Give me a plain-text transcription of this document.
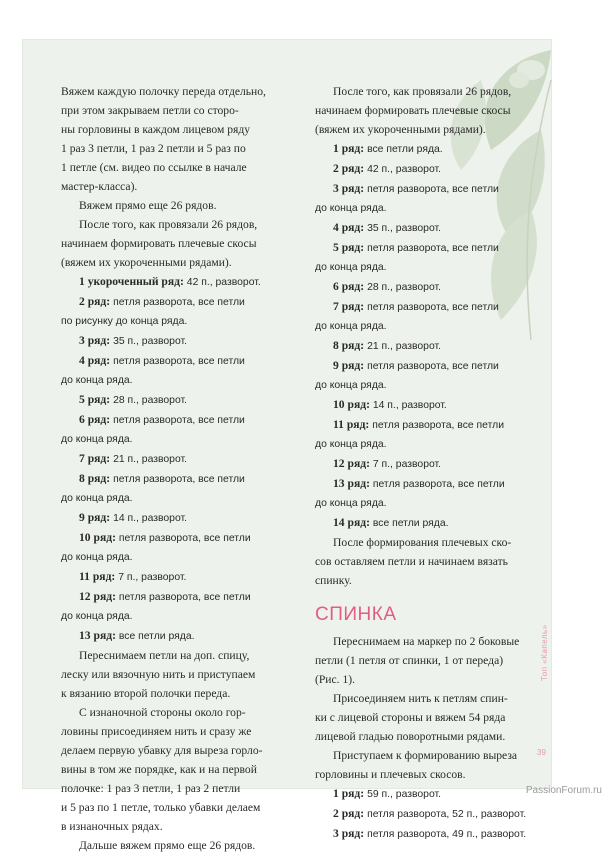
Вяжем каждую полочку переда отдельно,

при этом закрываем петли со сторо-

ны горловины в каждом лицевом ряду

1 раз 3 петли, 1 раз 2 петли и 5 раз по

1 петле (см. видео по ссылке в начале

мастер-класса).

Вяжем прямо еще 26 рядов.

После того, как провязали 26 рядов,

начинаем формировать плечевые скосы

(вяжем их укороченными рядами).

1 укороченный ряд: 42 п., разворот.

2 ряд: петля разворота, все петли

по рисунку до конца ряда.

3 ряд: 35 п., разворот.

4 ряд: петля разворота, все петли

до конца ряда.

5 ряд: 28 п., разворот.

6 ряд: петля разворота, все петли

до конца ряда.

7 ряд: 21 п., разворот.

8 ряд: петля разворота, все петли

до конца ряда.

9 ряд: 14 п., разворот.

10 ряд: петля разворота, все петли

до конца ряда.

11 ряд: 7 п., разворот.

12 ряд: петля разворота, все петли

до конца ряда.

13 ряд: все петли ряда.

Переснимаем петли на доп. спицу,

леску или вязочную нить и приступаем

к вязанию второй полочки переда.

С изнаночной стороны около гор-

ловины присоединяем нить и сразу же

делаем первую убавку для выреза горло-

вины в том же порядке, как и на первой

полочке: 1 раз 3 петли, 1 раз 2 петли

и 5 раз по 1 петле, только убавки делаем

в изнаночных рядах.

Дальше вяжем прямо еще 26 рядов.

После того, как провязали 26 рядов,

начинаем формировать плечевые скосы

(вяжем их укороченными рядами).

1 ряд: все петли ряда.

2 ряд: 42 п., разворот.

3 ряд: петля разворота, все петли

до конца ряда.

4 ряд: 35 п., разворот.

5 ряд: петля разворота, все петли

до конца ряда.

6 ряд: 28 п., разворот.

7 ряд: петля разворота, все петли

до конца ряда.

8 ряд: 21 п., разворот.

9 ряд: петля разворота, все петли

до конца ряда.

10 ряд: 14 п., разворот.

11 ряд: петля разворота, все петли

до конца ряда.

12 ряд: 7 п., разворот.

13 ряд: петля разворота, все петли

до конца ряда.

14 ряд: все петли ряда.

После формирования плечевых ско-

сов оставляем петли и начинаем вязать

спинку.

СПИНКА

Переснимаем на маркер по 2 боковые

петли (1 петля от спинки, 1 от переда)

(Рис. 1).

Присоединяем нить к петлям спин-

ки с лицевой стороны и вяжем 54 ряда

лицевой гладью поворотными рядами.

Приступаем к формированию выреза

горловины и плечевых скосов.

1 ряд: 59 п., разворот.

2 ряд: петля разворота, 52 п., разворот.

3 ряд: петля разворота, 49 п., разворот.

Топ «Капель»
39
PassionForum.ru
